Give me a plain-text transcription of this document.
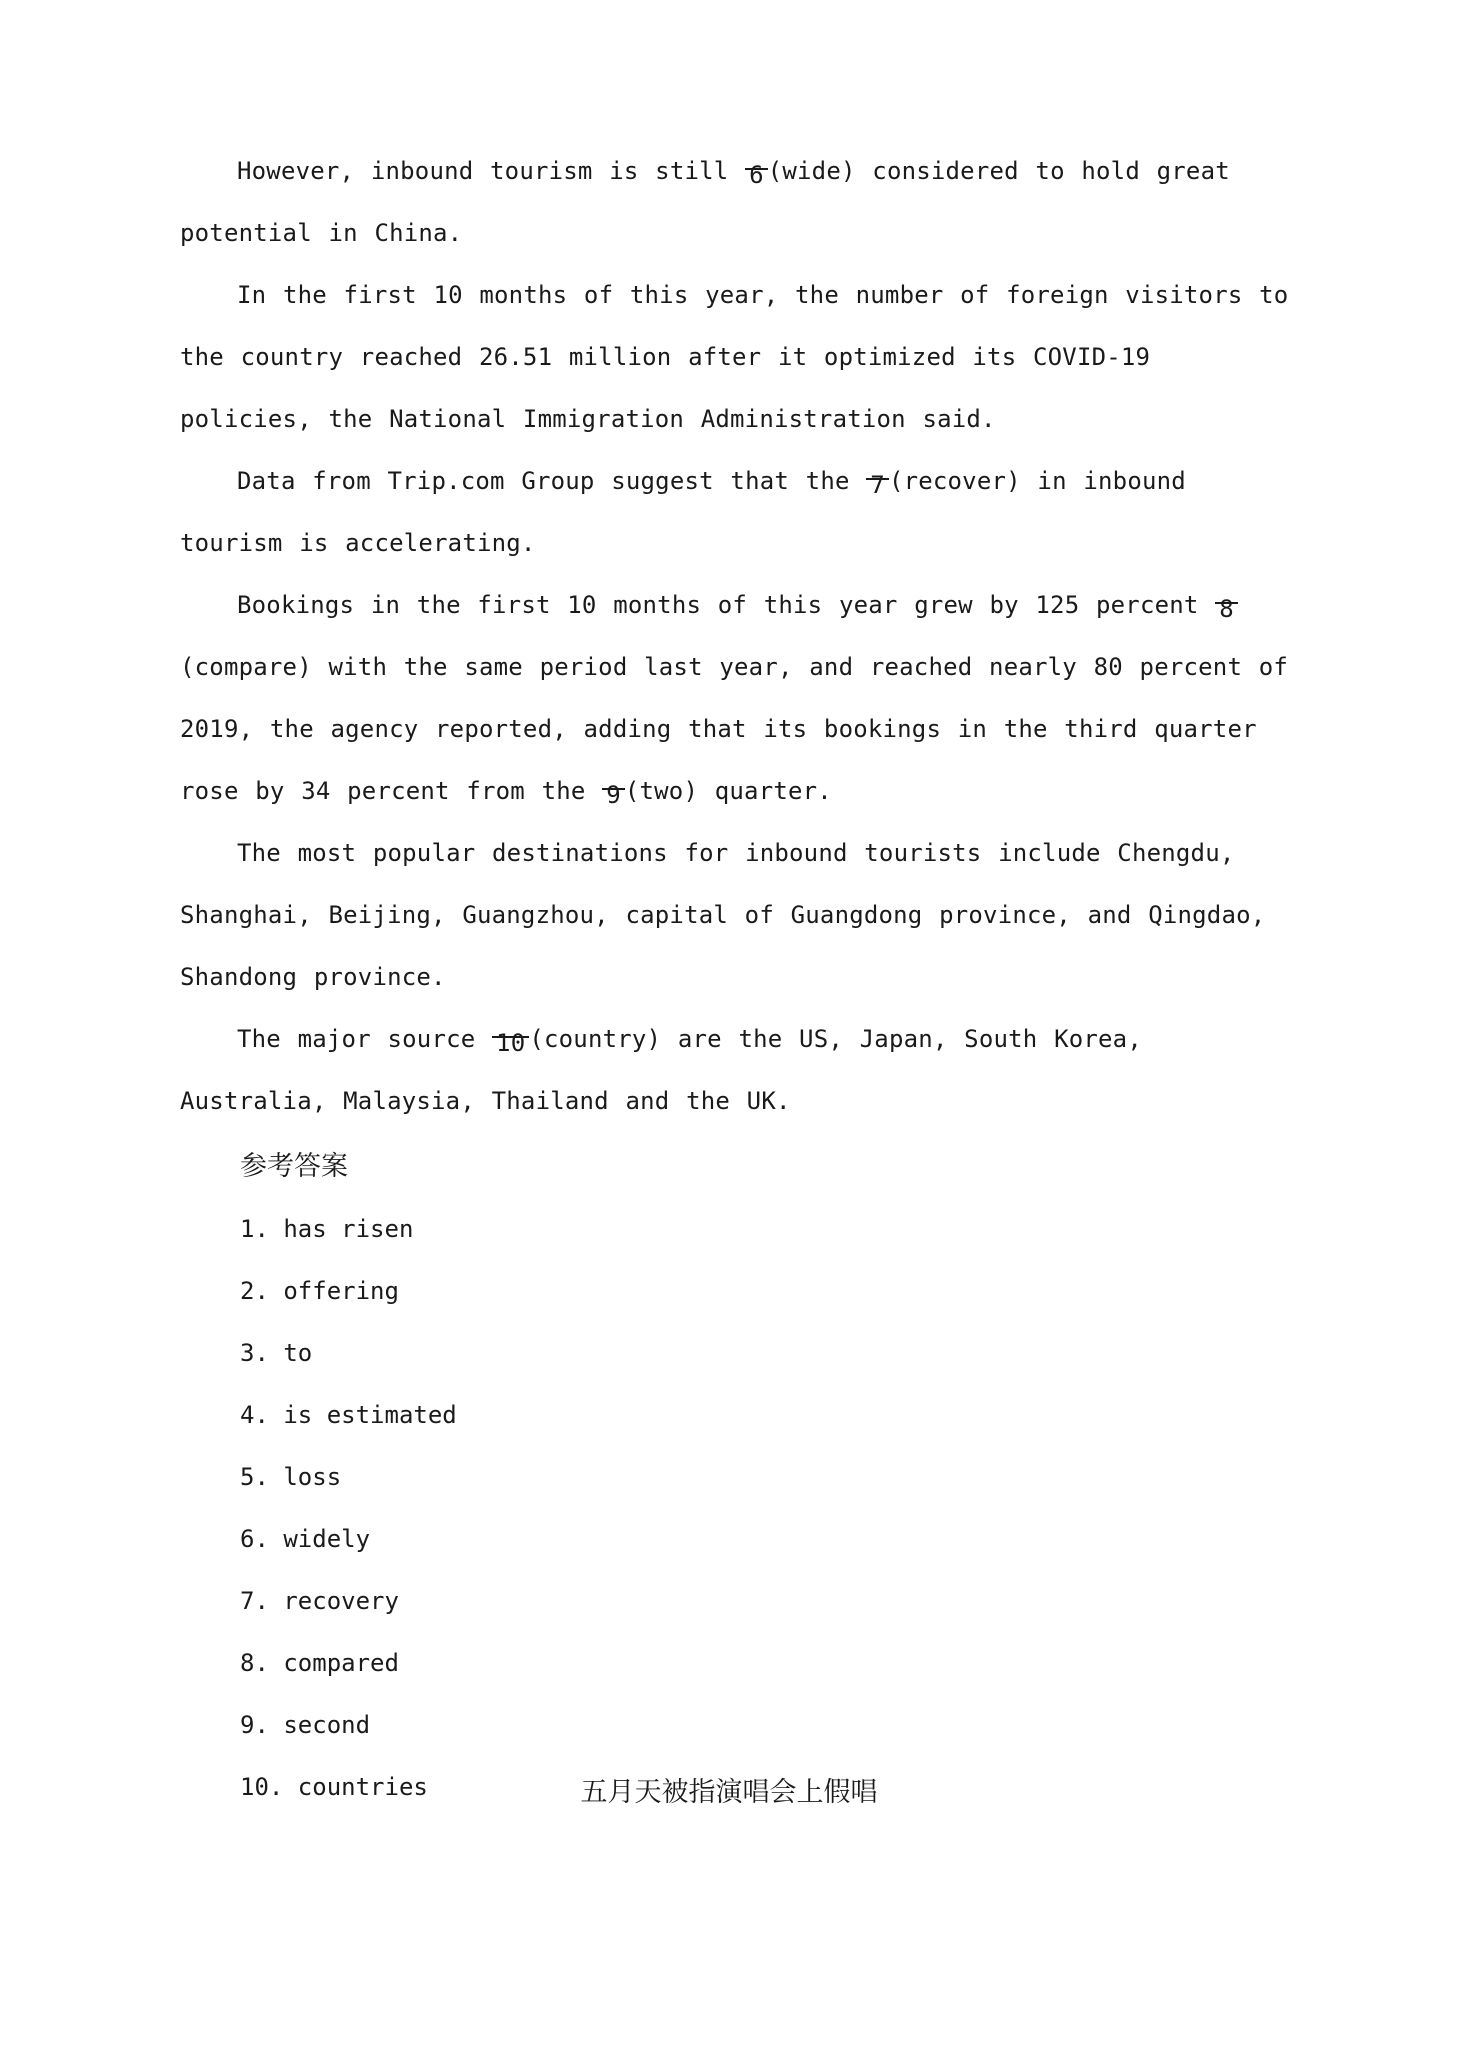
However, inbound tourism is still 6 (wide) considered to hold great potential in China.

In the first 10 months of this year, the number of foreign visitors to the country reached 26.51 million after it optimized its COVID-19 policies, the National Immigration Administration said.

Data from Trip.com Group suggest that the 7 (recover) in inbound tourism is accelerating.

Bookings in the first 10 months of this year grew by 125 percent 8(compare) with the same period last year, and reached nearly 80 percent of 2019, the agency reported, adding that its bookings in the third quarter rose by 34 percent from the 9 (two) quarter.

The most popular destinations for inbound tourists include Chengdu, Shanghai, Beijing, Guangzhou, capital of Guangdong province, and Qingdao, Shandong province.

The major source 10 (country) are the US, Japan, South Korea, Australia, Malaysia, Thailand and the UK.

参考答案

1. has risen

2. offering

3. to

4. is estimated

5. loss

6. widely

7. recovery

8. compared

9. second

10. countries	五月天被指演唱会上假唱
